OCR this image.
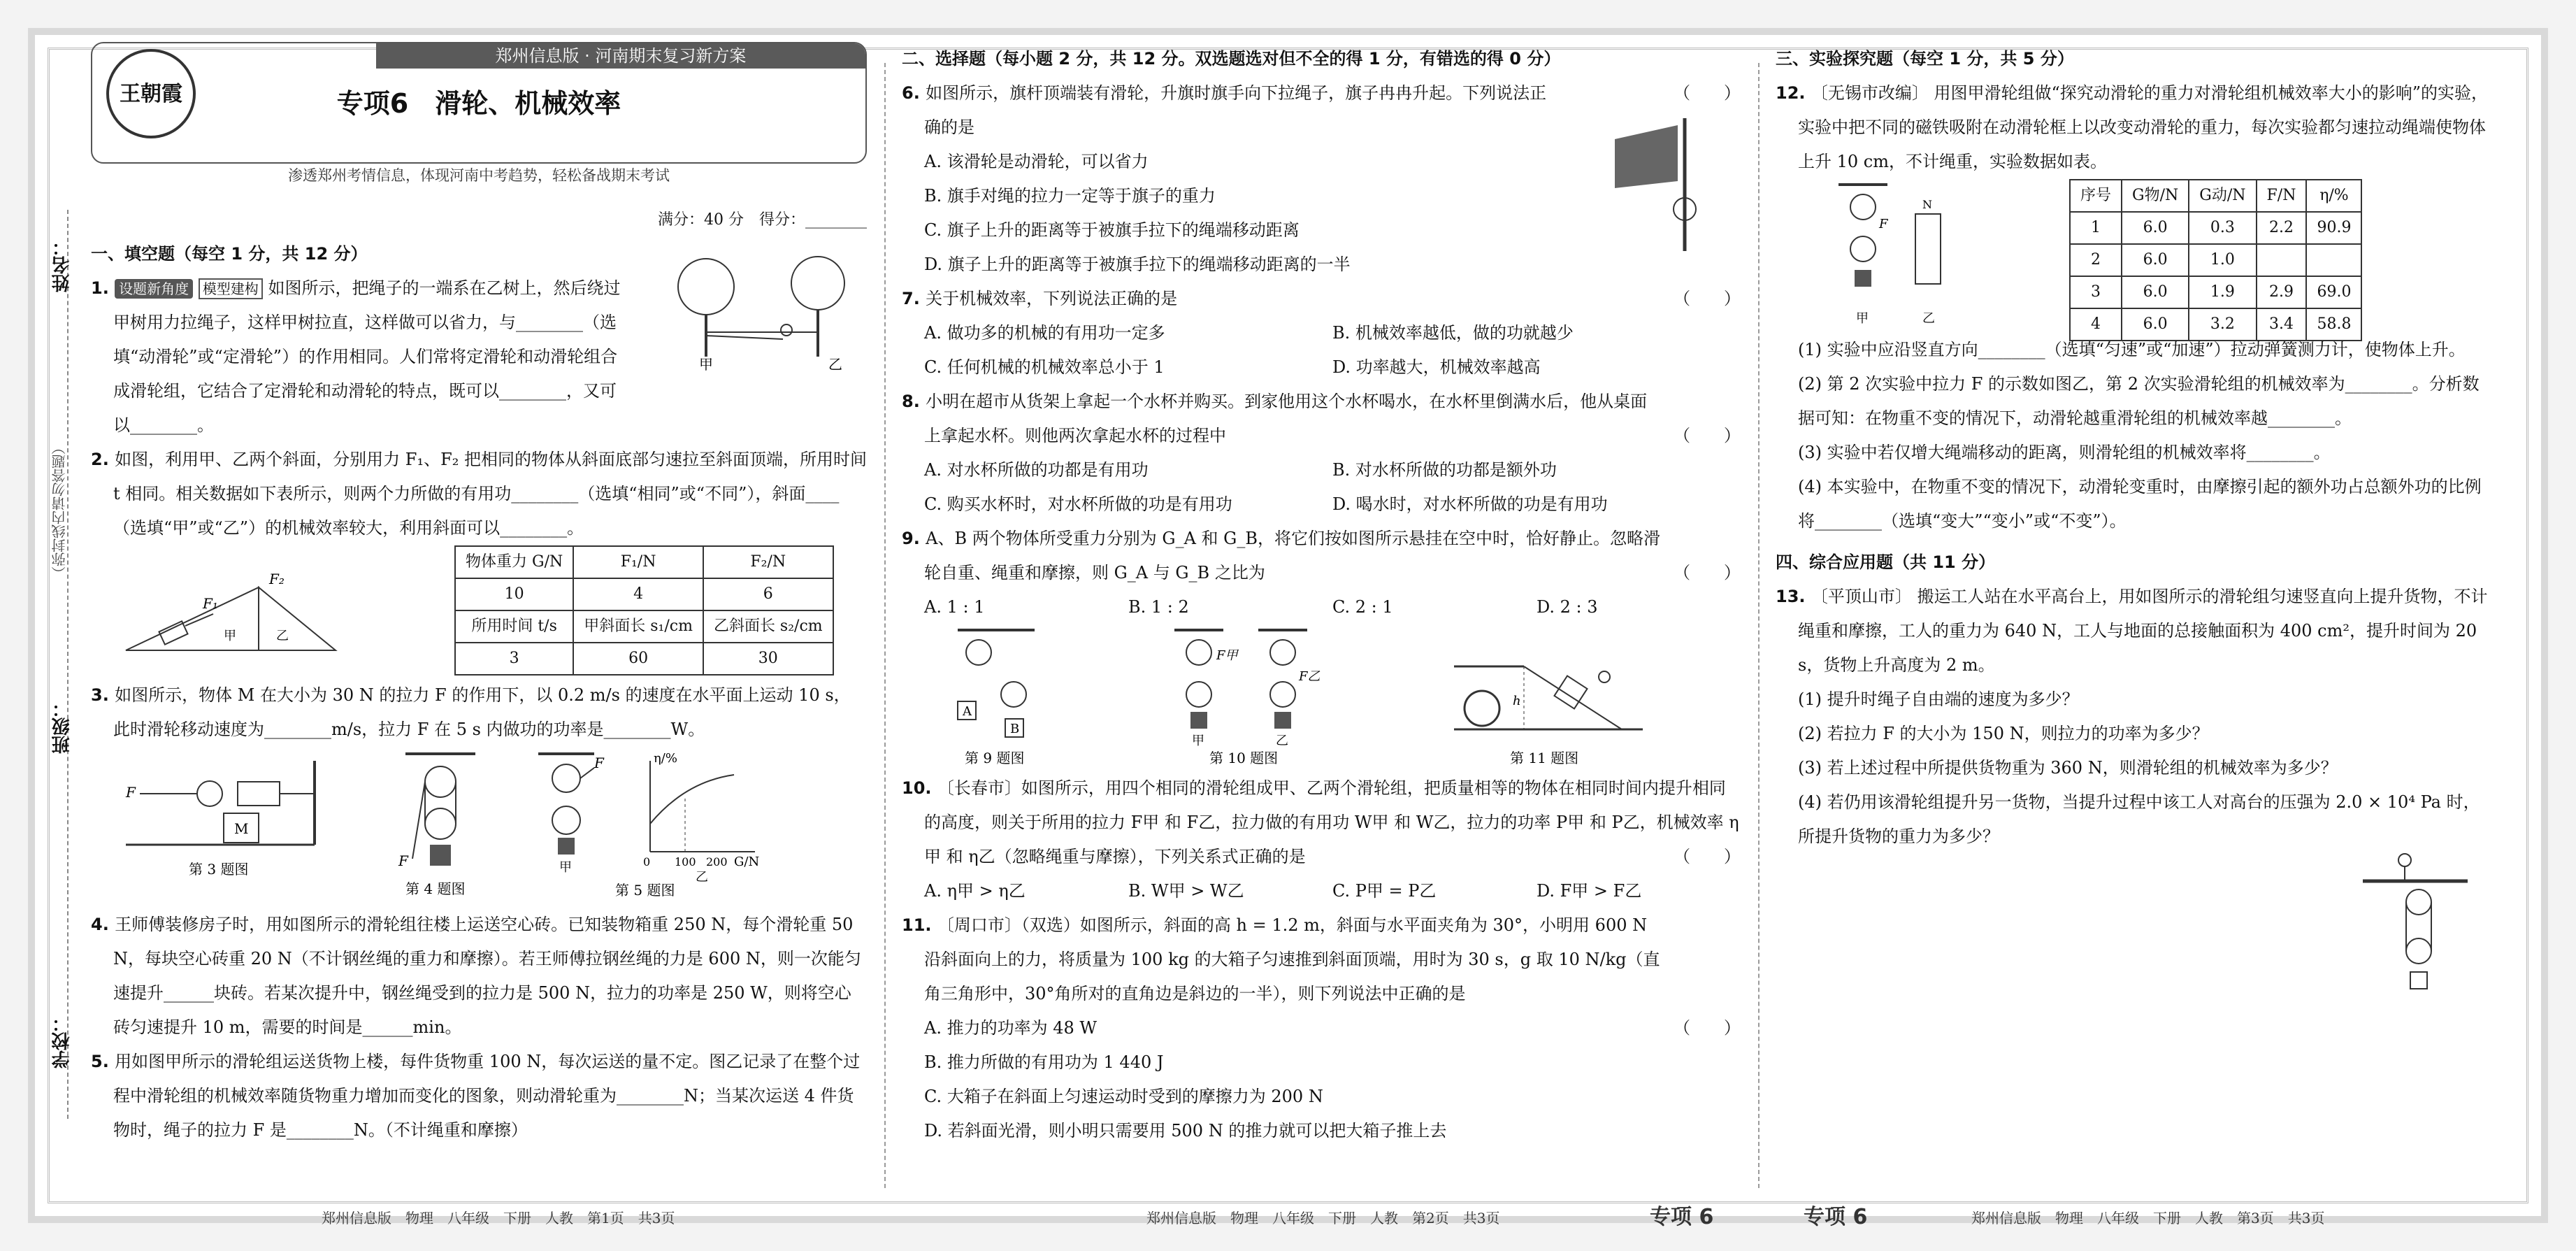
姓名：
（弥封线内请勿答题）
班级：
学校：
郑州信息版 · 河南期末复习新方案
王朝霞	专项6　滑轮、机械效率
渗透郑州考情信息，体现河南中考趋势，轻松备战期末考试
满分：40 分　得分：________
一、填空题（每空 1 分，共 12 分）
1. 设题新角度 模型建构 如图所示，把绳子的一端系在乙树上，然后绕过甲树用力拉绳子，这样甲树拉直，这样做可以省力，与________（选填“动滑轮”或“定滑轮”）的作用相同。人们常将定滑轮和动滑轮组合成滑轮组，它结合了定滑轮和动滑轮的特点，既可以________，又可以________。
甲	乙
2. 如图，利用甲、乙两个斜面，分别用力 F₁、F₂ 把相同的物体从斜面底部匀速拉至斜面顶端，所用时间 t 相同。相关数据如下表所示，则两个力所做的有用功________（选填“相同”或“不同”），斜面____（选填“甲”或“乙”）的机械效率较大，利用斜面可以________。
F₁
甲
F₂
乙
物体重力 G/N	F₁/N	F₂/N
10	4	6
所用时间 t/s	甲斜面长 s₁/cm	乙斜面长 s₂/cm
3	60	30
3. 如图所示，物体 M 在大小为 30 N 的拉力 F 的作用下，以 0.2 m/s 的速度在水平面上运动 10 s，此时滑轮移动速度为________m/s，拉力 F 在 5 s 内做功的功率是________W。
M
F
第 3 题图	F
第 4 题图
F
甲
η/%
G/N
0 100 200
乙
第 5 题图
4. 王师傅装修房子时，用如图所示的滑轮组往楼上运送空心砖。已知装物箱重 250 N，每个滑轮重 50 N，每块空心砖重 20 N（不计钢丝绳的重力和摩擦）。若王师傅拉钢丝绳的力是 600 N，则一次能匀速提升______块砖。若某次提升中，钢丝绳受到的拉力是 500 N，拉力的功率是 250 W，则将空心砖匀速提升 10 m，需要的时间是______min。
5. 用如图甲所示的滑轮组运送货物上楼，每件货物重 100 N，每次运送的量不定。图乙记录了在整个过程中滑轮组的机械效率随货物重力增加而变化的图象，则动滑轮重为________N；当某次运送 4 件货物时，绳子的拉力 F 是________N。（不计绳重和摩擦）
二、选择题（每小题 2 分，共 12 分。双选题选对但不全的得 1 分，有错选的得 0 分）
6. 如图所示，旗杆顶端装有滑轮，升旗时旗手向下拉绳子，旗子冉冉升起。下列说法正确的是
（　　）
A. 该滑轮是动滑轮，可以省力
B. 旗手对绳的拉力一定等于旗子的重力
C. 旗子上升的距离等于被旗手拉下的绳端移动距离
D. 旗子上升的距离等于被旗手拉下的绳端移动距离的一半
7. 关于机械效率，下列说法正确的是	（　　）
A. 做功多的机械的有用功一定多	B. 机械效率越低，做的功就越少
C. 任何机械的机械效率总小于 1	D. 功率越大，机械效率越高
8. 小明在超市从货架上拿起一个水杯并购买。到家他用这个水杯喝水，在水杯里倒满水后，他从桌面上拿起水杯。则他两次拿起水杯的过程中	（　　）
A. 对水杯所做的功都是有用功	B. 对水杯所做的功都是额外功
C. 购买水杯时，对水杯所做的功是有用功	D. 喝水时，对水杯所做的功是有用功
9. A、B 两个物体所受重力分别为 G_A 和 G_B，将它们按如图所示悬挂在空中时，恰好静止。忽略滑轮自重、绳重和摩擦，则 G_A 与 G_B 之比为	（　　）
A. 1 : 1	B. 1 : 2	C. 2 : 1	D. 2 : 3
A
B
第 9 题图
F甲
甲
F乙
乙
第 10 题图
h
第 11 题图
10. 〔长春市〕如图所示，用四个相同的滑轮组成甲、乙两个滑轮组，把质量相等的物体在相同时间内提升相同的高度，则关于所用的拉力 F甲 和 F乙，拉力做的有用功 W甲 和 W乙，拉力的功率 P甲 和 P乙，机械效率 η甲 和 η乙（忽略绳重与摩擦），下列关系式正确的是	（　　）
A. η甲 > η乙	B. W甲 > W乙	C. P甲 = P乙	D. F甲 > F乙
11. 〔周口市〕（双选）如图所示，斜面的高 h = 1.2 m，斜面与水平面夹角为 30°，小明用 600 N 沿斜面向上的力，将质量为 100 kg 的大箱子匀速推到斜面顶端，用时为 30 s，g 取 10 N/kg（直角三角形中，30°角所对的直角边是斜边的一半），则下列说法中正确的是
（　　）
A. 推力的功率为 48 W
B. 推力所做的有用功为 1 440 J
C. 大箱子在斜面上匀速运动时受到的摩擦力为 200 N
D. 若斜面光滑，则小明只需要用 500 N 的推力就可以把大箱子推上去
三、实验探究题（每空 1 分，共 5 分）
12. 〔无锡市改编〕 用图甲滑轮组做“探究动滑轮的重力对滑轮组机械效率大小的影响”的实验，实验中把不同的磁铁吸附在动滑轮框上以改变动滑轮的重力，每次实验都匀速拉动绳端使物体上升 10 cm，不计绳重，实验数据如表。
F
甲
N
乙
序号	G物/N	G动/N	F/N	η/%
1	6.0	0.3	2.2	90.9
2	6.0	1.0		
3	6.0	1.9	2.9	69.0
4	6.0	3.2	3.4	58.8
(1) 实验中应沿竖直方向________（选填“匀速”或“加速”）拉动弹簧测力计，使物体上升。
(2) 第 2 次实验中拉力 F 的示数如图乙，第 2 次实验滑轮组的机械效率为________。分析数据可知：在物重不变的情况下，动滑轮越重滑轮组的机械效率越________。
(3) 实验中若仅增大绳端移动的距离，则滑轮组的机械效率将________。
(4) 本实验中，在物重不变的情况下，动滑轮变重时，由摩擦引起的额外功占总额外功的比例将________（选填“变大”“变小”或“不变”）。
四、综合应用题（共 11 分）
13. 〔平顶山市〕 搬运工人站在水平高台上，用如图所示的滑轮组匀速竖直向上提升货物，不计绳重和摩擦，工人的重力为 640 N，工人与地面的总接触面积为 400 cm²，提升时间为 20 s，货物上升高度为 2 m。
(1) 提升时绳子自由端的速度为多少？
(2) 若拉力 F 的大小为 150 N，则拉力的功率为多少？
(3) 若上述过程中所提供货物重为 360 N，则滑轮组的机械效率为多少？
(4) 若仍用该滑轮组提升另一货物，当提升过程中该工人对高台的压强为 2.0 × 10⁴ Pa 时，所提升货物的重力为多少？
郑州信息版　物理　八年级　下册　人教　第1页　共3页	郑州信息版　物理　八年级　下册　人教　第2页　共3页	专项 6	专项 6	郑州信息版　物理　八年级　下册　人教　第3页　共3页
